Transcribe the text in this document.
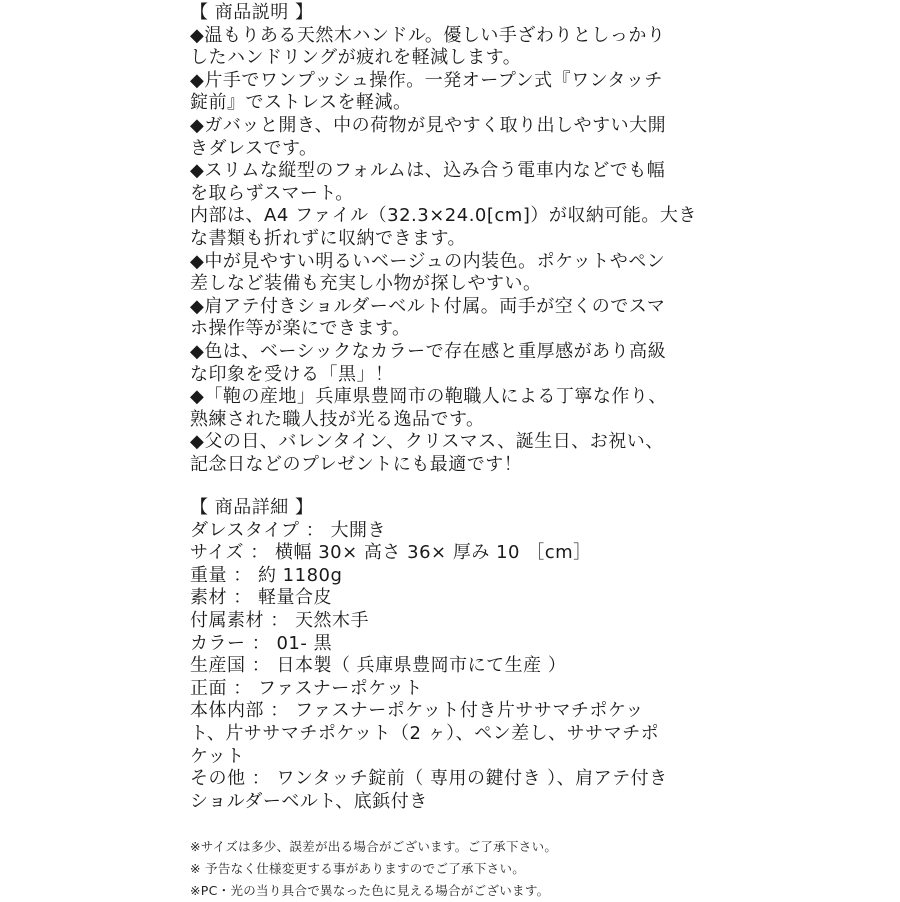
【 商品説明 】
◆温もりある天然木ハンドル。優しい手ざわりとしっかり
したハンドリングが疲れを軽減します。
◆片手でワンプッシュ操作。一発オープン式『ワンタッチ
錠前』でストレスを軽減。
◆ガバッと開き、中の荷物が見やすく取り出しやすい大開
きダレスです。
◆スリムな縦型のフォルムは、込み合う電車内などでも幅
を取らずスマート。
内部は、A4 ファイル（32.3×24.0[cm]）が収納可能。大き
な書類も折れずに収納できます。
◆中が見やすい明るいベージュの内装色。ポケットやペン
差しなど装備も充実し小物が探しやすい。
◆肩アテ付きショルダーベルト付属。両手が空くのでスマ
ホ操作等が楽にできます。
◆色は、ベーシックなカラーで存在感と重厚感があり高級
な印象を受ける「黒」！
◆「鞄の産地」兵庫県豊岡市の鞄職人による丁寧な作り、
熟練された職人技が光る逸品です。
◆父の日、バレンタイン、クリスマス、誕生日、お祝い、
記念日などのプレゼントにも最適です！
【 商品詳細 】
ダレスタイプ ： 大開き
サイズ ： 横幅 30× 高さ 36× 厚み 10 ［cm］
重量 ： 約 1180g
素材 ： 軽量合皮
付属素材 ： 天然木手
カラー ： 01- 黒
生産国 ： 日本製（ 兵庫県豊岡市にて生産 ）
正面 ： ファスナーポケット
本体内部 ： ファスナーポケット付き片ササマチポケッ
ト、片ササマチポケット（2 ヶ）、ペン差し、ササマチポ
ケット
その他 ： ワンタッチ錠前（ 専用の鍵付き ）、肩アテ付き
ショルダーベルト、底鋲付き
※サイズは多少、誤差が出る場合がございます。ご了承下さい。
※ 予告なく仕様変更する事がありますのでご了承下さい。
※PC・光の当り具合で異なった色に見える場合がございます。
